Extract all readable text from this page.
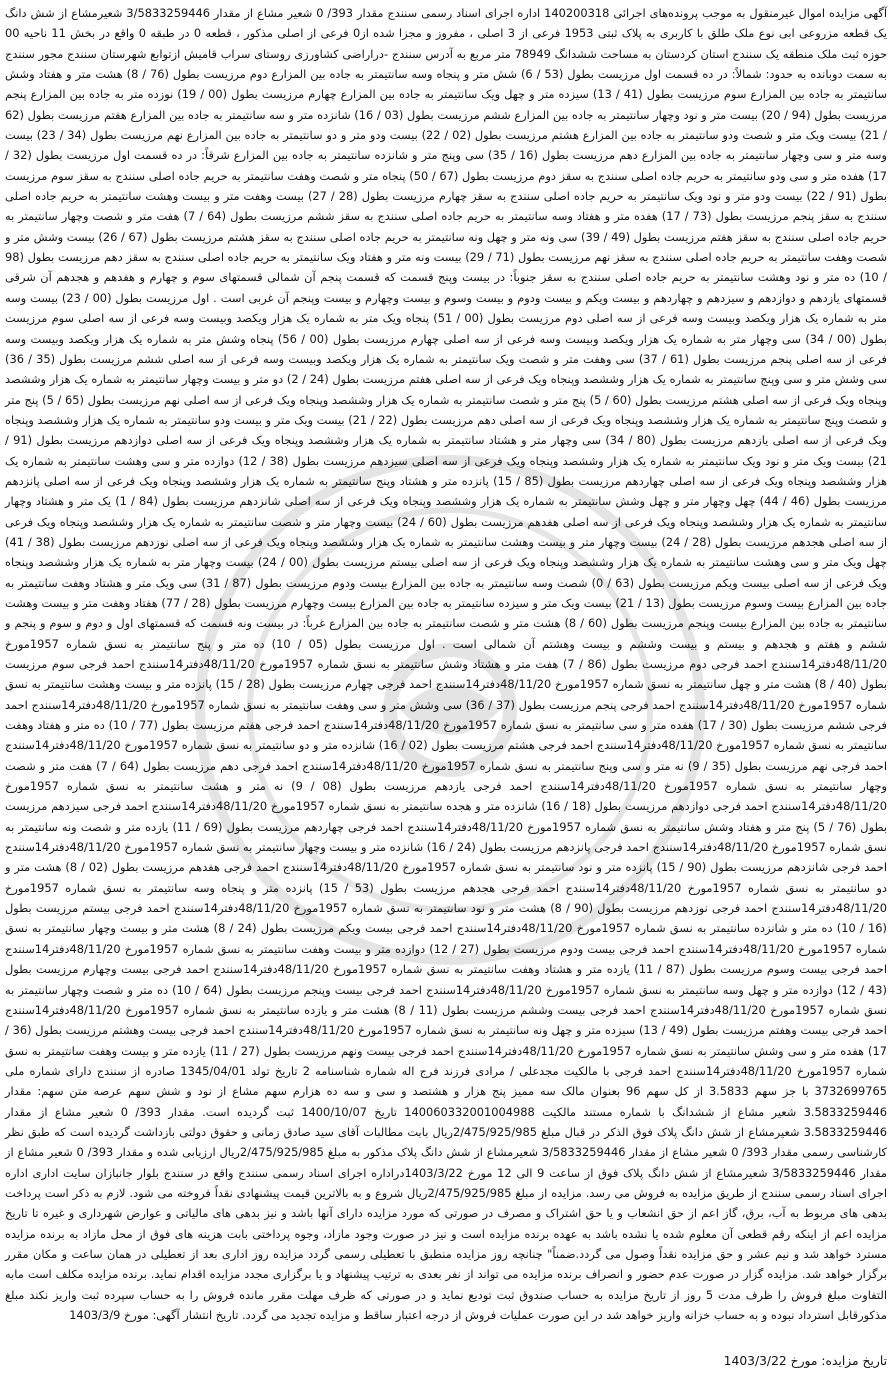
آگهی مزایده اموال غیرمنقول به موجب پرونده‌های اجرائی 140200318 اداره اجرای اسناد رسمی سنندج مقدار 393/ 0 شعیر مشاع از مقدار 3/5833259446 شعیرمشاع از شش دانگ یک قطعه مزروعی ابی نوع ملک طلق با کاربری به پلاک ثبتی 1953 فرعی از 3 اصلی ، مفروز و مجزا شده از0 فرعی از اصلی مذکور ، قطعه 0 در طبقه 0 واقع در بخش 11 ناحیه 00 حوزه ثبت ملک منطقه یک سنندج استان کردستان به مساحت ششدانگ 78949 متر مربع به آدرس سنندج -دراراضی کشاورزی روستای سراب قامیش ازتوابع شهرستان سنندج مجور سنندج به سمت دوبانده به حدود: شمالاً: در ده قسمت اول مرزیست بطول (53 / 6) شش متر و پنجاه وسه سانتیمتر به جاده بین المزارع دوم مرزیست بطول (76 / 8) هشت متر و هفتاد وشش سانتیمتر به جاده بین المزارع سوم مرزیست بطول (41 / 13) سیزده متر و چهل ویک سانتیمتر به جاده بین المزارع چهارم مرزیست بطول (00 / 19) نوزده متر به جاده بین المزارع پنجم مرزیست بطول (94 / 20) بیست متر و نود وچهار سانتیمتر به جاده بین المزارع ششم مرزیست بطول (03 / 16) شانزده متر و سه سانتیمتر به جاده بین المزارع هفتم مرزیست بطول (62 / 21) بیست ویک متر و شصت ودو سانتیمتر به جاده بین المزارع هشتم مرزیست بطول (02 / 22) بیست ودو متر و دو سانتیمتر به جاده بین المزارع نهم مرزیست بطول (34 / 23) بیست وسه متر و سی وچهار سانتیمتر به جاده بین المزارع دهم مرزیست بطول (16 / 35) سی وپنج متر و شانزده سانتیمتر به جاده بین المزارع شرقاً: در ده قسمت اول مرزیست بطول (32 / 17) هفده متر و سی ودو سانتیمتر به حریم جاده اصلی سنندج به سقز دوم مرزیست بطول (67 / 50) پنجاه متر و شصت وهفت سانتیمتر به حریم جاده اصلی سنندج به سقز سوم مرزیست بطول (91 / 22) بیست ودو متر و نود ویک سانتیمتر به حریم جاده اصلی سنندج به سقز چهارم مرزیست بطول (28 / 27) بیست وهفت متر و بیست وهشت سانتیمتر به حریم جاده اصلی سنندج به سقز پنجم مرزیست بطول (73 / 17) هفده متر و هفتاد وسه سانتیمتر به حریم جاده اصلی سنندج به سقز ششم مرزیست بطول (64 / 7) هفت متر و شصت وچهار سانتیمتر به حریم جاده اصلی سنندج به سقز هفتم مرزیست بطول (49 / 39) سی ونه متر و چهل ونه سانتیمتر به حریم جاده اصلی سنندج به سقز هشتم مرزیست بطول (67 / 26) بیست وشش متر و شصت وهفت سانتیمتر به حریم جاده اصلی سنندج به سقز نهم مرزیست بطول (71 / 29) بیست ونه متر و هفتاد ویک سانتیمتر به حریم جاده اصلی سنندج به سقز دهم مرزیست بطول (98 / 10) ده متر و نود وهشت سانتیمتر به حریم جاده اصلی سنندج به سقز جنوباً: در بیست وپنج قسمت که قسمت پنجم آن شمالی قسمتهای سوم و چهارم و هفدهم و هجدهم آن شرقی قسمتهای یازدهم و دوازدهم و سیزدهم و چهاردهم و بیست ویکم و بیست ودوم و بیست وسوم و بیست وچهارم و بیست وپنجم آن غربی است . اول مرزیست بطول (00 / 23) بیست وسه متر به شماره یک هزار ویکصد وبیست وسه فرعی از سه اصلی دوم مرزیست بطول (00 / 51) پنجاه ویک متر به شماره یک هزار ویکصد وبیست وسه فرعی از سه اصلی سوم مرزیست بطول (00 / 34) سی وچهار متر به شماره یک هزار ویکصد وبیست وسه فرعی از سه اصلی چهارم مرزیست بطول (00 / 56) پنجاه وشش متر به شماره یک هزار ویکصد وبیست وسه فرعی از سه اصلی پنجم مرزیست بطول (61 / 37) سی وهفت متر و شصت ویک سانتیمتر به شماره یک هزار ویکصد وبیست وسه فرعی از سه اصلی ششم مرزیست بطول (35 / 36) سی وشش متر و سی وپنج سانتیمتر به شماره یک هزار وششصد وپنجاه ویک فرعی از سه اصلی هفتم مرزیست بطول (24 / 2) دو متر و بیست وچهار سانتیمتر به شماره یک هزار وششصد وپنجاه ویک فرعی از سه اصلی هشتم مرزیست بطول (60 / 5) پنج متر و شصت سانتیمتر به شماره یک هزار وششصد وپنجاه ویک فرعی از سه اصلی نهم مرزیست بطول (65 / 5) پنج متر و شصت وپنج سانتیمتر به شماره یک هزار وششصد وپنجاه ویک فرعی از سه اصلی دهم مرزیست بطول (22 / 21) بیست ویک متر و بیست ودو سانتیمتر به شماره یک هزار وششصد وپنجاه ویک فرعی از سه اصلی یازدهم مرزیست بطول (80 / 34) سی وچهار متر و هشتاد سانتیمتر به شماره یک هزار وششصد وپنجاه ویک فرعی از سه اصلی دوازدهم مرزیست بطول (91 / 21) بیست ویک متر و نود ویک سانتیمتر به شماره یک هزار وششصد وپنجاه ویک فرعی از سه اصلی سیزدهم مرزیست بطول (38 / 12) دوازده متر و سی وهشت سانتیمتر به شماره یک هزار وششصد وپنجاه ویک فرعی از سه اصلی چهاردهم مرزیست بطول (85 / 15) پانزده متر و هشتاد وپنج سانتیمتر به شماره یک هزار وششصد وپنجاه ویک فرعی از سه اصلی پانزدهم مرزیست بطول (46 / 44) چهل وچهار متر و چهل وشش سانتیمتر به شماره یک هزار وششصد وپنجاه ویک فرعی از سه اصلی شانزدهم مرزیست بطول (84 / 1) یک متر و هشتاد وچهار سانتیمتر به شماره یک هزار وششصد وپنجاه ویک فرعی از سه اصلی هفدهم مرزیست بطول (60 / 24) بیست وچهار متر و شصت سانتیمتر به شماره یک هزار وششصد وپنجاه ویک فرعی از سه اصلی هجدهم مرزیست بطول (28 / 24) بیست وچهار متر و بیست وهشت سانتیمتر به شماره یک هزار وششصد وپنجاه ویک فرعی از سه اصلی نوزدهم مرزیست بطول (38 / 41) چهل ویک متر و سی وهشت سانتیمتر به شماره یک هزار وششصد وپنجاه ویک فرعی از سه اصلی بیستم مرزیست بطول (00 / 24) بیست وچهار متر به شماره یک هزار وششصد وپنجاه ویک فرعی از سه اصلی بیست ویکم مرزیست بطول (63 / 0) شصت وسه سانتیمتر به جاده بین المزارع بیست ودوم مرزیست بطول (87 / 31) سی ویک متر و هشتاد وهفت سانتیمتر به جاده بین المزارع بیست وسوم مرزیست بطول (13 / 21) بیست ویک متر و سیزده سانتیمتر به جاده بین المزارع بیست وچهارم مرزیست بطول (28 / 77) هفتاد وهفت متر و بیست وهشت سانتیمتر به جاده بین المزارع بیست وپنجم مرزیست بطول (60 / 8) هشت متر و شصت سانتیمتر به جاده بین المزارع غرباً: در بیست ونه قسمت که قسمتهای اول و دوم و سوم و پنجم و ششم و هفتم و هجدهم و بیستم و بیست وششم و بیست وهشتم آن شمالی است . اول مرزیست بطول (05 / 10) ده متر و پنج سانتیمتر به نسق شماره 1957مورخ 48/11/20دفتر14سنندج احمد فرجی دوم مرزیست بطول (86 / 7) هفت متر و هشتاد وشش سانتیمتر به نسق شماره 1957مورخ 48/11/20دفتر14سنندج احمد فرجی سوم مرزیست بطول (40 / 8) هشت متر و چهل سانتیمتر به نسق شماره 1957مورخ 48/11/20دفتر14سنندج احمد فرجی چهارم مرزیست بطول (28 / 15) پانزده متر و بیست وهشت سانتیمتر به نسق شماره 1957مورخ 48/11/20دفتر14سنندج احمد فرجی پنجم مرزیست بطول (37 / 36) سی وشش متر و سی وهفت سانتیمتر به نسق شماره 1957مورخ 48/11/20دفتر14سنندج احمد فرجی ششم مرزیست بطول (30 / 17) هفده متر و سی سانتیمتر به نسق شماره 1957مورخ 48/11/20دفتر14سنندج احمد فرجی هفتم مرزیست بطول (77 / 10) ده متر و هفتاد وهفت سانتیمتر به نسق شماره 1957مورخ 48/11/20دفتر14سنندج احمد فرجی هشتم مرزیست بطول (02 / 16) شانزده متر و دو سانتیمتر به نسق شماره 1957مورخ 48/11/20دفتر14سنندج احمد فرجی نهم مرزیست بطول (35 / 9) نه متر و سی وپنج سانتیمتر به نسق شماره 1957مورخ 48/11/20دفتر14سنندج احمد فرجی دهم مرزیست بطول (64 / 7) هفت متر و شصت وچهار سانتیمتر به نسق شماره 1957مورخ 48/11/20دفتر14سنندج احمد فرجی یازدهم مرزیست بطول (08 / 9) نه متر و هشت سانتیمتر به نسق شماره 1957مورخ 48/11/20دفتر14سنندج احمد فرجی دوازدهم مرزیست بطول (18 / 16) شانزده متر و هجده سانتیمتر به نسق شماره 1957مورخ 48/11/20دفتر14سنندج احمد فرجی سیزدهم مرزیست بطول (76 / 5) پنج متر و هفتاد وشش سانتیمتر به نسق شماره 1957مورخ 48/11/20دفتر14سنندج احمد فرجی چهاردهم مرزیست بطول (69 / 11) یازده متر و شصت ونه سانتیمتر به نسق شماره 1957مورخ 48/11/20دفتر14سنندج احمد فرجی پانزدهم مرزیست بطول (24 / 16) شانزده متر و بیست وچهار سانتیمتر به نسق شماره 1957مورخ 48/11/20دفتر14سنندج احمد فرجی شانزدهم مرزیست بطول (90 / 15) پانزده متر و نود سانتیمتر به نسق شماره 1957مورخ 48/11/20دفتر14سنندج احمد فرجی هفدهم مرزیست بطول (02 / 8) هشت متر و دو سانتیمتر به نسق شماره 1957مورخ 48/11/20دفتر14سنندج احمد فرجی هجدهم مرزیست بطول (53 / 15) پانزده متر و پنجاه وسه سانتیمتر به نسق شماره 1957مورخ 48/11/20دفتر14سنندج احمد فرجی نوزدهم مرزیست بطول (90 / 8) هشت متر و نود سانتیمتر به نسق شماره 1957مورخ 48/11/20دفتر14سنندج احمد فرجی بیستم مرزیست بطول (16 / 10) ده متر و شانزده سانتیمتر به نسق شماره 1957مورخ 48/11/20دفتر14سنندج احمد فرجی بیست ویکم مرزیست بطول (24 / 8) هشت متر و بیست وچهار سانتیمتر به نسق شماره 1957مورخ 48/11/20دفتر14سنندج احمد فرجی بیست ودوم مرزیست بطول (27 / 12) دوازده متر و بیست وهفت سانتیمتر به نسق شماره 1957مورخ 48/11/20دفتر14سنندج احمد فرجی بیست وسوم مرزیست بطول (87 / 11) یازده متر و هشتاد وهفت سانتیمتر به نسق شماره 1957مورخ 48/11/20دفتر14سنندج احمد فرجی بیست وچهارم مرزیست بطول (43 / 12) دوازده متر و چهل وسه سانتیمتر به نسق شماره 1957مورخ 48/11/20دفتر14سنندج احمد فرجی بیست وپنجم مرزیست بطول (64 / 10) ده متر و شصت وچهار سانتیمتر به نسق شماره 1957مورخ 48/11/20دفتر14سنندج احمد فرجی بیست وششم مرزیست بطول (11 / 8) هشت متر و یازده سانتیمتر به نسق شماره 1957مورخ 48/11/20دفتر14سنندج احمد فرجی بیست وهفتم مرزیست بطول (49 / 13) سیزده متر و چهل ونه سانتیمتر به نسق شماره 1957مورخ 48/11/20دفتر14سنندج احمد فرجی بیست وهشتم مرزیست بطول (36 / 17) هفده متر و سی وشش سانتیمتر به نسق شماره 1957مورخ 48/11/20دفتر14سنندج احمد فرجی بیست ونهم مرزیست بطول (27 / 11) یازده متر و بیست وهفت سانتیمتر به نسق شماره 1957مورخ 48/11/20دفتر14سنندج احمد فرجی با مالکیت مجدعلی / مرادی فرزند فرج اله شماره شناسنامه 2 تاریخ تولد 1345/04/01 صادره از سنندج دارای شماره ملی 3732699765 با جز سهم 3.5833 از کل سهم 96 بعنوان مالک سه ممیز پنج هزار و هشتصد و سی و سه ده هزارم سهم مشاع از نود و شش سهم عرصه متن سهم: مقدار 3.5833259446 شعیر مشاع از ششدانگ با شماره مستند مالکیت 140060332001004988 تاریخ 1400/10/07 ثبت گردیده است. مقدار 393/ 0 شعیر مشاع از مقدار 3.5833259446 شعیرمشاع از شش دانگ پلاک فوق الذکر در قبال مبلغ 2/475/925/985ریال بابت مطالبات آقای سید صادق زمانی و حقوق دولتی بازداشت گردیده است که طبق نظر کارشناسی رسمی مقدار 393/ 0 شعیر مشاع از مقدار 3/5833259446 شعیرمشاع از شش دانگ پلاک مذکور به مبلغ 2/475/925/985ریال ارزیابی شده و مقدار 393/ 0 شعیر مشاع از مقدار 3/5833259446 شعیرمشاع از شش دانگ پلاک فوق از ساعت 9 الی 12 مورخ 1403/3/22دراداره اجرای اسناد رسمی سنندج واقع در سنندج بلوار جانبازان سایت اداری اداره اجرای اسناد رسمی سنندج از طریق مزایده به فروش می رسد. مزایده از مبلغ 2/475/925/985ریال شروع و به بالاترین قیمت پیشنهادی نقداً فروخته می شود. لازم به ذکر است پرداخت بدهی های مربوط به آب، برق، گاز اعم از حق انشعاب و یا حق اشتراک و مصرف در صورتی که مورد مزایده دارای آنها باشد و نیز بدهی های مالیاتی و عوارض شهرداری و غیره تا تاریخ مزایده اعم از اینکه رقم قطعی آن معلوم شده یا نشده باشد به عهده برنده مزایده است و نیز در صورت وجود مازاد، وجوه پرداختی بابت هزینه های فوق از محل مازاد به برنده مزایده مسترد خواهد شد و نیم عشر و حق مزایده نقداً وصول می گردد.ضمناً" چنانچه روز مزایده منطبق با تعطیلی رسمی گردد مزایده روز اداری بعد از تعطیلی در همان ساعت و مکان مقرر برگزار خواهد شد. مزایده گزار در صورت عدم حضور و انصراف برنده مزایده می تواند از نفر بعدی به ترتیب پیشنهاد و یا برگزاری مجدد مزایده اقدام نماید. برنده مزایده مکلف است مابه التفاوت مبلغ فروش را ظرف مدت 5 روز از تاریخ مزایده به حساب صندوق ثبت تودیع نماید و در صورتی که ظرف مهلت مقرر مانده فروش را به حساب سپرده ثبت واریز نکند مبلغ مذکورقابل استرداد نبوده و به حساب خزانه واریز خواهد شد در این صورت عملیات فروش از درجه اعتبار ساقط و مزایده تجدید می گردد. تاریخ انتشار آگهی: مورخ 1403/3/9

تاریخ مزایده: مورخ 1403/3/22
